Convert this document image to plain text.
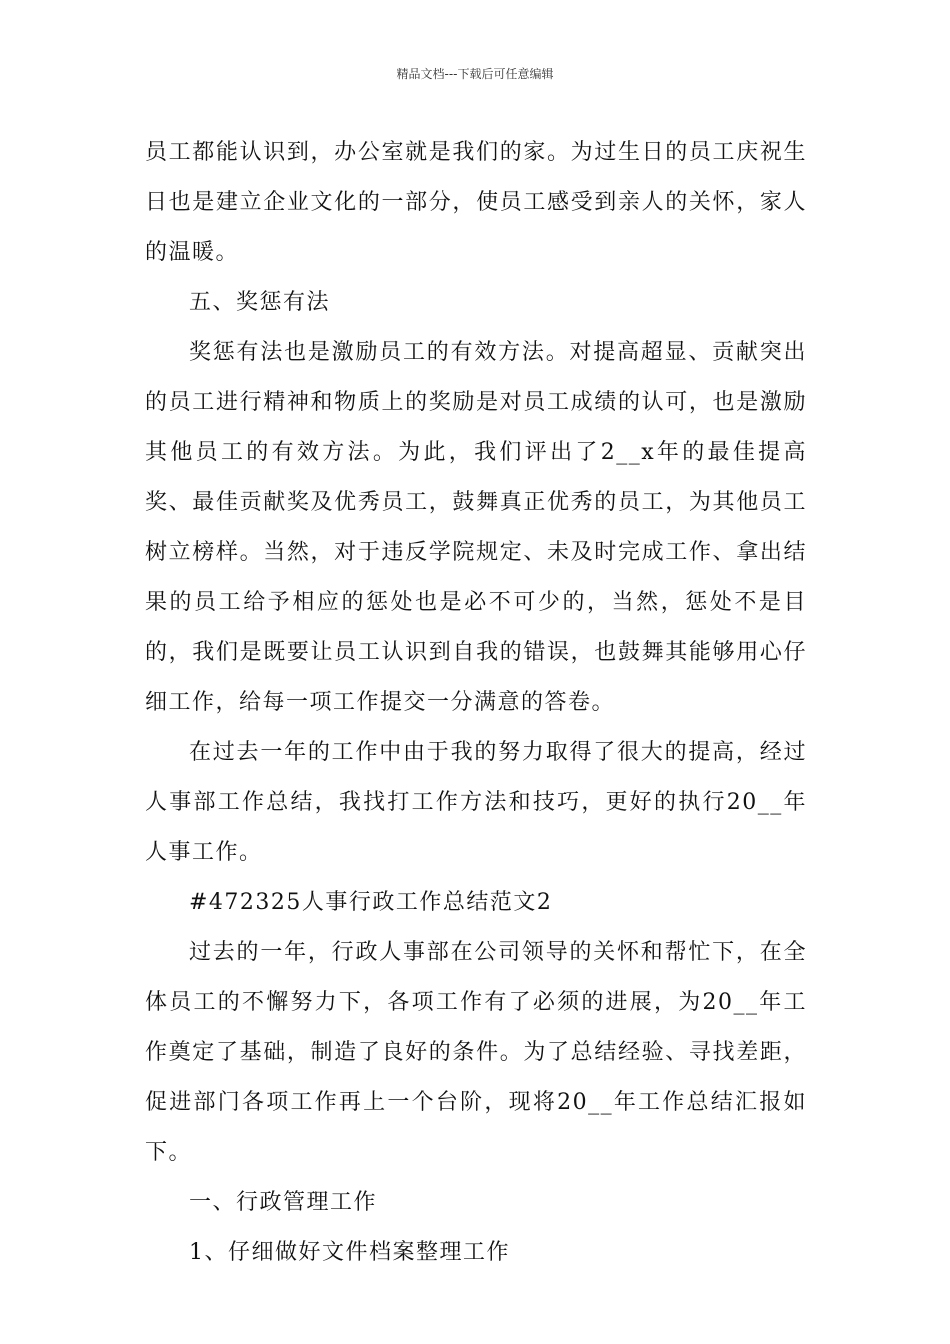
精品文档---下载后可任意编辑

员工都能认识到，办公室就是我们的家。为过生日的员工庆祝生日也是建立企业文化的一部分，使员工感受到亲人的关怀，家人的温暖。

五、奖惩有法

奖惩有法也是激励员工的有效方法。对提高超显、贡献突出的员工进行精神和物质上的奖励是对员工成绩的认可，也是激励其他员工的有效方法。为此，我们评出了2__x年的最佳提高奖、最佳贡献奖及优秀员工，鼓舞真正优秀的员工，为其他员工树立榜样。当然，对于违反学院规定、未及时完成工作、拿出结果的员工给予相应的惩处也是必不可少的，当然，惩处不是目的，我们是既要让员工认识到自我的错误，也鼓舞其能够用心仔细工作，给每一项工作提交一分满意的答卷。

在过去一年的工作中由于我的努力取得了很大的提高，经过人事部工作总结，我找打工作方法和技巧，更好的执行20__年人事工作。

#472325人事行政工作总结范文2

过去的一年，行政人事部在公司领导的关怀和帮忙下，在全体员工的不懈努力下，各项工作有了必须的进展，为20__年工作奠定了基础，制造了良好的条件。为了总结经验、寻找差距，促进部门各项工作再上一个台阶，现将20__年工作总结汇报如下。

一、行政管理工作

1、仔细做好文件档案整理工作
